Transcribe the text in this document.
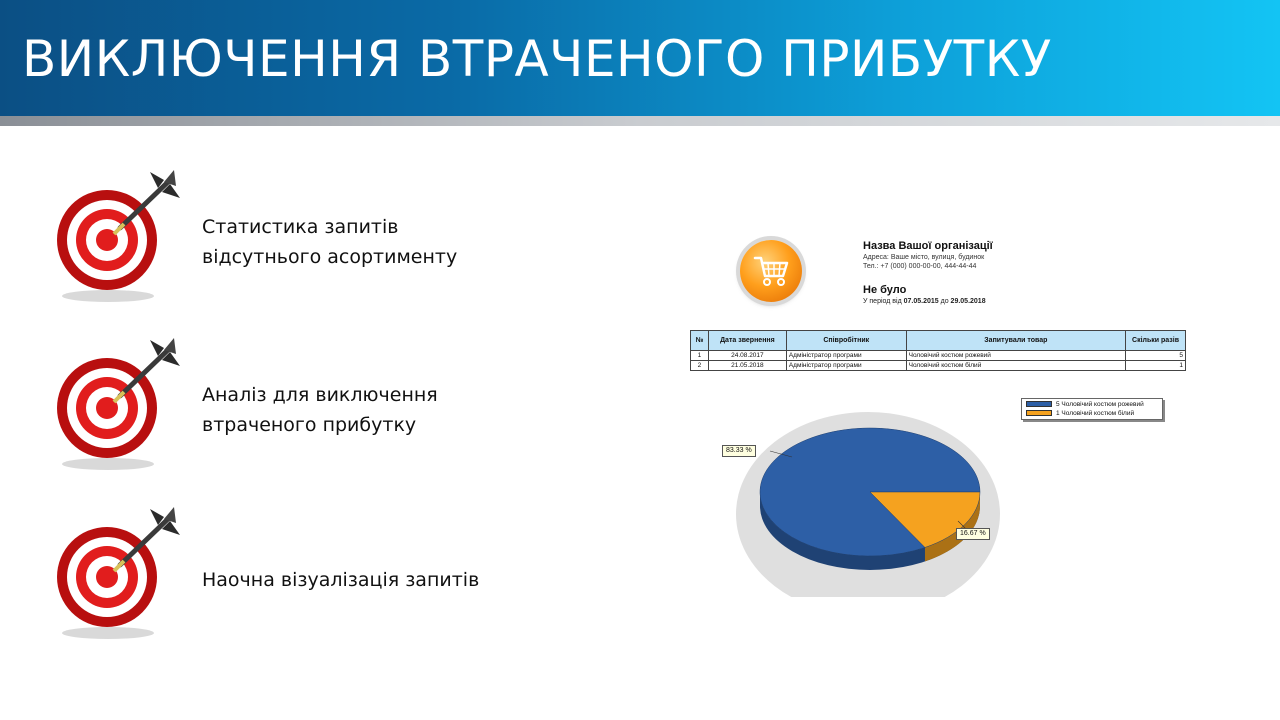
ВИКЛЮЧЕННЯ ВТРАЧЕНОГО ПРИБУТКУ
Статистика запитів
відсутнього асортименту
Аналіз для виключення
втраченого прибутку
Наочна візуалізація запитів
Назва Вашої організації
Адреса: Ваше місто, вулиця, будинок
Тел.: +7 (000) 000-00-00, 444-44-44
Не було
У період від 07.05.2015 до 29.05.2018
№	Дата звернення	Співробітник	Запитували товар	Скільки разів
1	24.08.2017	Адміністратор програми	Чоловічий костюм рожевий	5
2	21.05.2018	Адміністратор програми	Чоловічий костюм білий	1
5 Чоловічий костюм рожевий
1 Чоловічий костюм білий
83.33 %
16.67 %
